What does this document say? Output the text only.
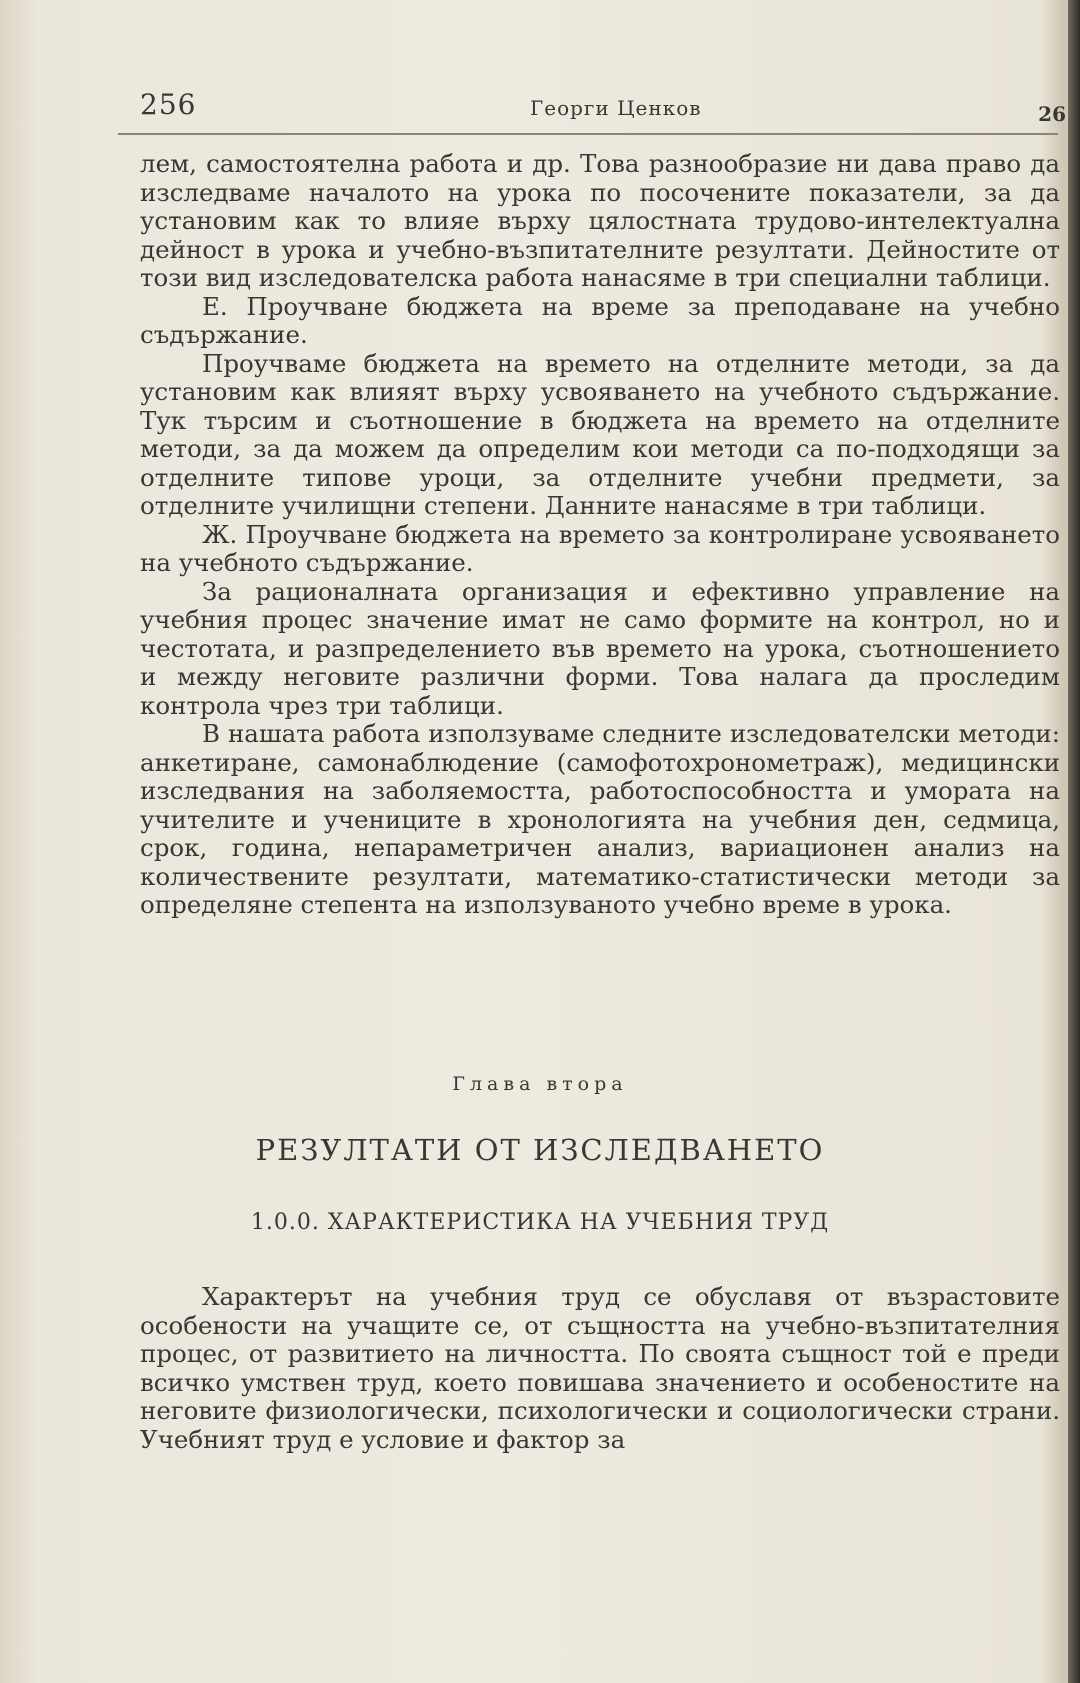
256	Георги Ценков	26

лем, самостоятелна работа и др. Това разнообразие ни дава право да изследваме началото на урока по посочените показатели, за да установим как то влияе върху цялостната трудово-интелектуална дейност в урока и учебно-възпитателните резултати. Дейностите от този вид изследователска работа нанасяме в три специални таблици.

Е. Проучване бюджета на време за преподаване на учебно съдържание.

Проучваме бюджета на времето на отделните методи, за да установим как влияят върху усвояването на учебното съдържание. Тук търсим и съотношение в бюджета на времето на отделните методи, за да можем да определим кои методи са по-подходящи за отделните типове уроци, за отделните учебни предмети, за отделните училищни степени. Данните нанасяме в три таблици.

Ж. Проучване бюджета на времето за контролиране усвояването на учебното съдържание.

За рационалната организация и ефективно управление на учебния процес значение имат не само формите на контрол, но и честотата, и разпределението във времето на урока, съотношението и между неговите различни форми. Това налага да проследим контрола чрез три таблици.

В нашата работа използуваме следните изследователски методи: анкетиране, самонаблюдение (самофотохронометраж), медицински изследвания на заболяемостта, работоспособността и умората на учителите и учениците в хронологията на учебния ден, седмица, срок, година, непараметричен анализ, вариационен анализ на количествените резултати, математико-статистически методи за определяне степента на използуваното учебно време в урока.

Глава втора
РЕЗУЛТАТИ ОТ ИЗСЛЕДВАНЕТО
1.0.0. ХАРАКТЕРИСТИКА НА УЧЕБНИЯ ТРУД

Характерът на учебния труд се обуславя от възрастовите особености на учащите се, от същността на учебно-възпитателния процес, от развитието на личността. По своята същност той е преди всичко умствен труд, което повишава значението и особеностите на неговите физиологически, психологически и социологически страни. Учебният труд е условие и фактор за
